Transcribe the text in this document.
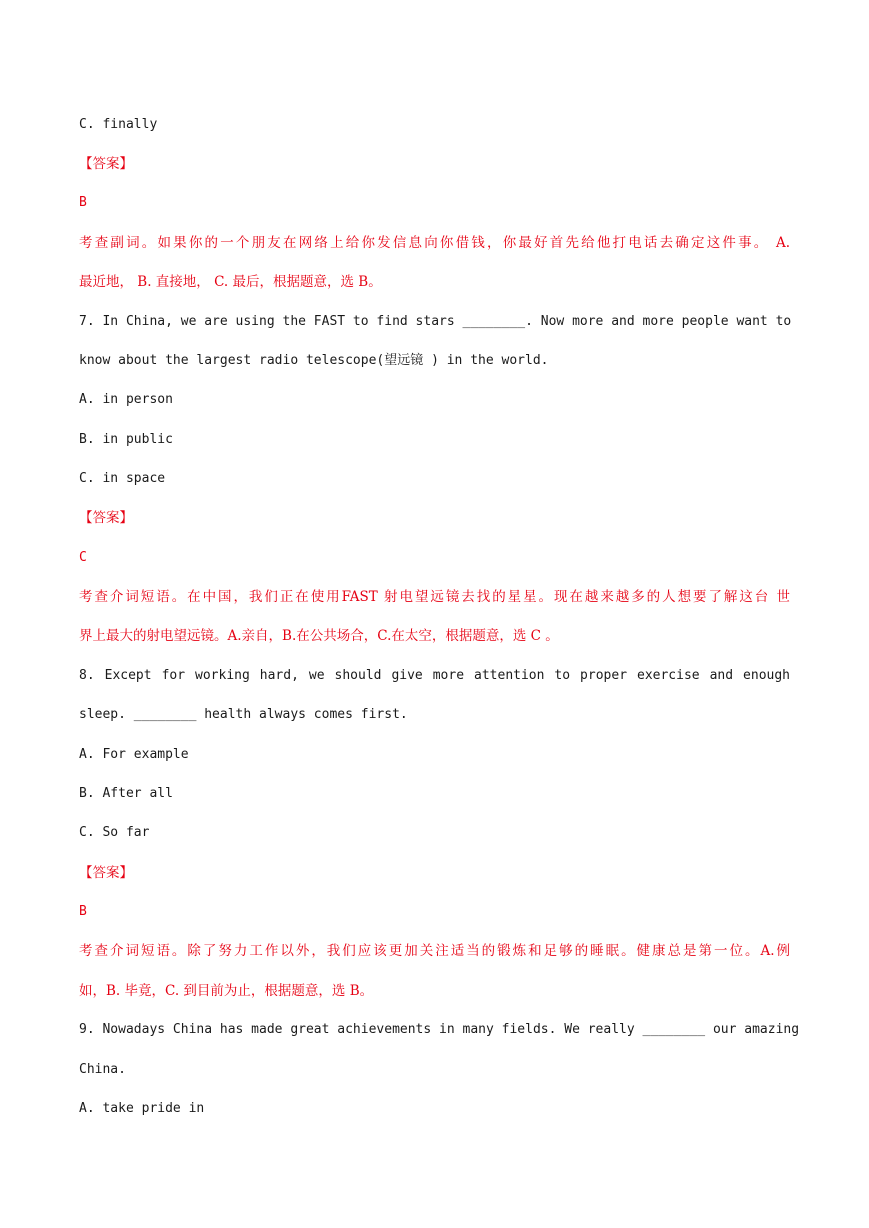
C. finally
【答案】
B
考查副词。如果你的一个朋友在网络上给你发信息向你借钱，你最好首先给他打电话去确定这件事。 A.
最近地， B. 直接地， C. 最后，根据题意，选 B。
7. In China, we are using the FAST to find stars ________. Now more and more people want to
know about the largest radio telescope(望远镜 ) in the world.
A. in person
B. in public
C. in space
【答案】
C
考查介词短语。在中国，我们正在使用FAST 射电望远镜去找的星星。现在越来越多的人想要了解这台 世
界上最大的射电望远镜。A.亲自，B.在公共场合，C.在太空，根据题意，选 C 。
8. Except for working hard, we should give more attention to proper exercise and enough
sleep. ________ health always comes first.
A. For example
B. After all
C. So far
【答案】
B
考查介词短语。除了努力工作以外，我们应该更加关注适当的锻炼和足够的睡眠。健康总是第一位。A.例
如，B. 毕竟，C. 到目前为止，根据题意，选 B。
9. Nowadays China has made great achievements in many fields. We really ________ our amazing
China.
A. take pride in
